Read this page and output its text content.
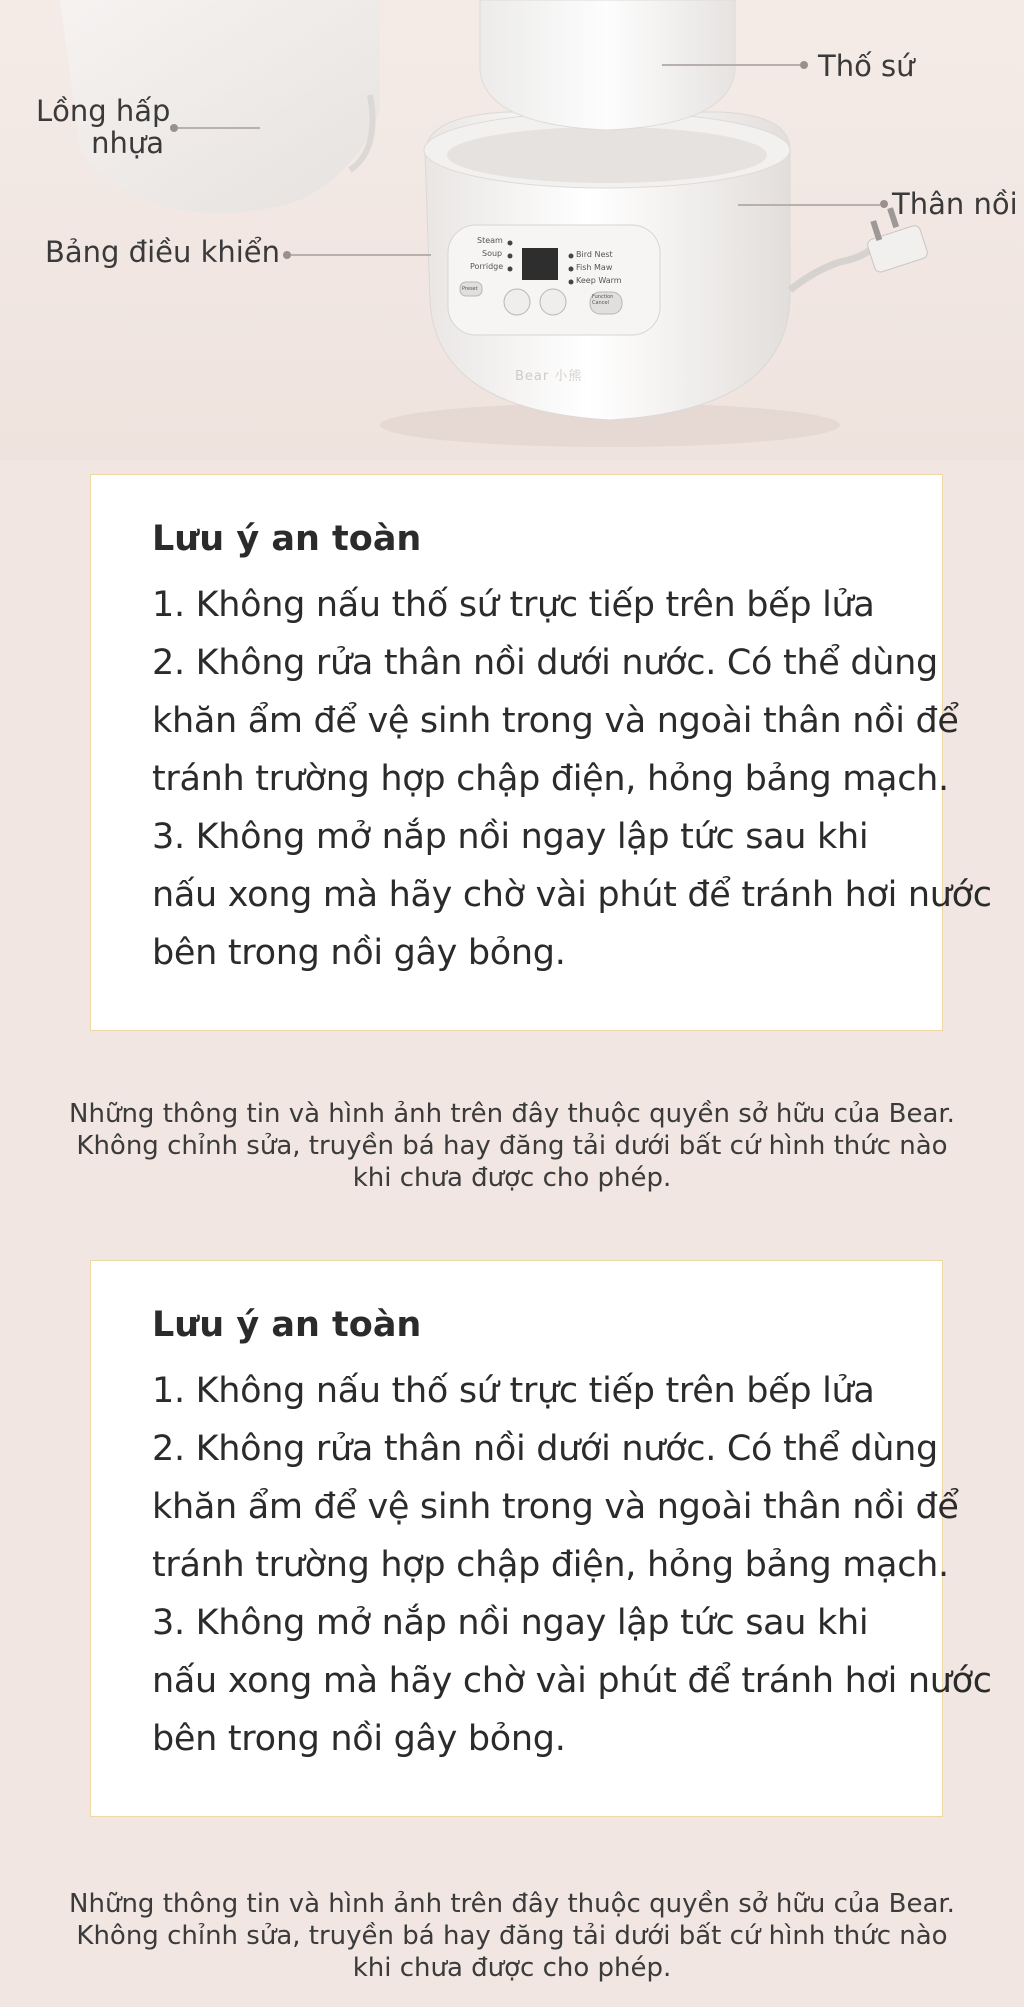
Steam
Soup
Porridge
Bird Nest
Fish Maw
Keep Warm
Function
Cancel
Preset
Bear 小熊
Lồng hấp
nhựa
Thố sứ
Thân nồi
Bảng điều khiển
Lưu ý an toàn
1. Không nấu thố sứ trực tiếp trên bếp lửa
2. Không rửa thân nồi dưới nước. Có thể dùng
khăn ẩm để vệ sinh trong và ngoài thân nồi để
tránh trường hợp chập điện, hỏng bảng mạch.
3. Không mở nắp nồi ngay lập tức sau khi
nấu xong mà hãy chờ vài phút để tránh hơi nước
bên trong nồi gây bỏng.
Những thông tin và hình ảnh trên đây thuộc quyền sở hữu của Bear.
Không chỉnh sửa, truyền bá hay đăng tải dưới bất cứ hình thức nào
khi chưa được cho phép.
Lưu ý an toàn
1. Không nấu thố sứ trực tiếp trên bếp lửa
2. Không rửa thân nồi dưới nước. Có thể dùng
khăn ẩm để vệ sinh trong và ngoài thân nồi để
tránh trường hợp chập điện, hỏng bảng mạch.
3. Không mở nắp nồi ngay lập tức sau khi
nấu xong mà hãy chờ vài phút để tránh hơi nước
bên trong nồi gây bỏng.
Những thông tin và hình ảnh trên đây thuộc quyền sở hữu của Bear.
Không chỉnh sửa, truyền bá hay đăng tải dưới bất cứ hình thức nào
khi chưa được cho phép.
